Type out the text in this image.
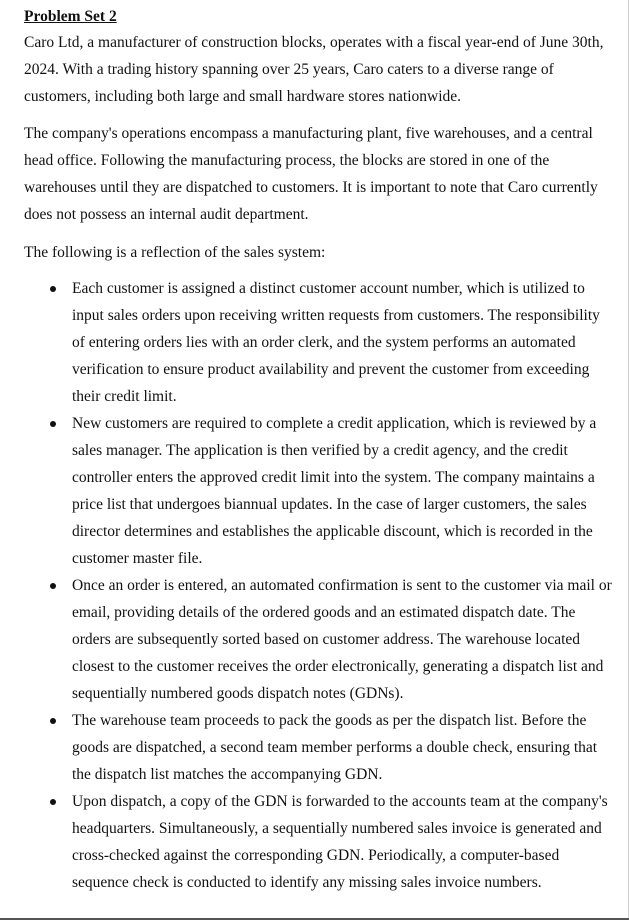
Problem Set 2

Caro Ltd, a manufacturer of construction blocks, operates with a fiscal year-end of June 30th, 2024. With a trading history spanning over 25 years, Caro caters to a diverse range of customers, including both large and small hardware stores nationwide.

The company's operations encompass a manufacturing plant, five warehouses, and a central head office. Following the manufacturing process, the blocks are stored in one of the warehouses until they are dispatched to customers. It is important to note that Caro currently does not possess an internal audit department.

The following is a reflection of the sales system:

Each customer is assigned a distinct customer account number, which is utilized to input sales orders upon receiving written requests from customers. The responsibility of entering orders lies with an order clerk, and the system performs an automated verification to ensure product availability and prevent the customer from exceeding their credit limit.
New customers are required to complete a credit application, which is reviewed by a sales manager. The application is then verified by a credit agency, and the credit controller enters the approved credit limit into the system. The company maintains a price list that undergoes biannual updates. In the case of larger customers, the sales director determines and establishes the applicable discount, which is recorded in the customer master file.
Once an order is entered, an automated confirmation is sent to the customer via mail or email, providing details of the ordered goods and an estimated dispatch date. The orders are subsequently sorted based on customer address. The warehouse located closest to the customer receives the order electronically, generating a dispatch list and sequentially numbered goods dispatch notes (GDNs).
The warehouse team proceeds to pack the goods as per the dispatch list. Before the goods are dispatched, a second team member performs a double check, ensuring that the dispatch list matches the accompanying GDN.
Upon dispatch, a copy of the GDN is forwarded to the accounts team at the company's headquarters. Simultaneously, a sequentially numbered sales invoice is generated and cross-checked against the corresponding GDN. Periodically, a computer-based sequence check is conducted to identify any missing sales invoice numbers.
